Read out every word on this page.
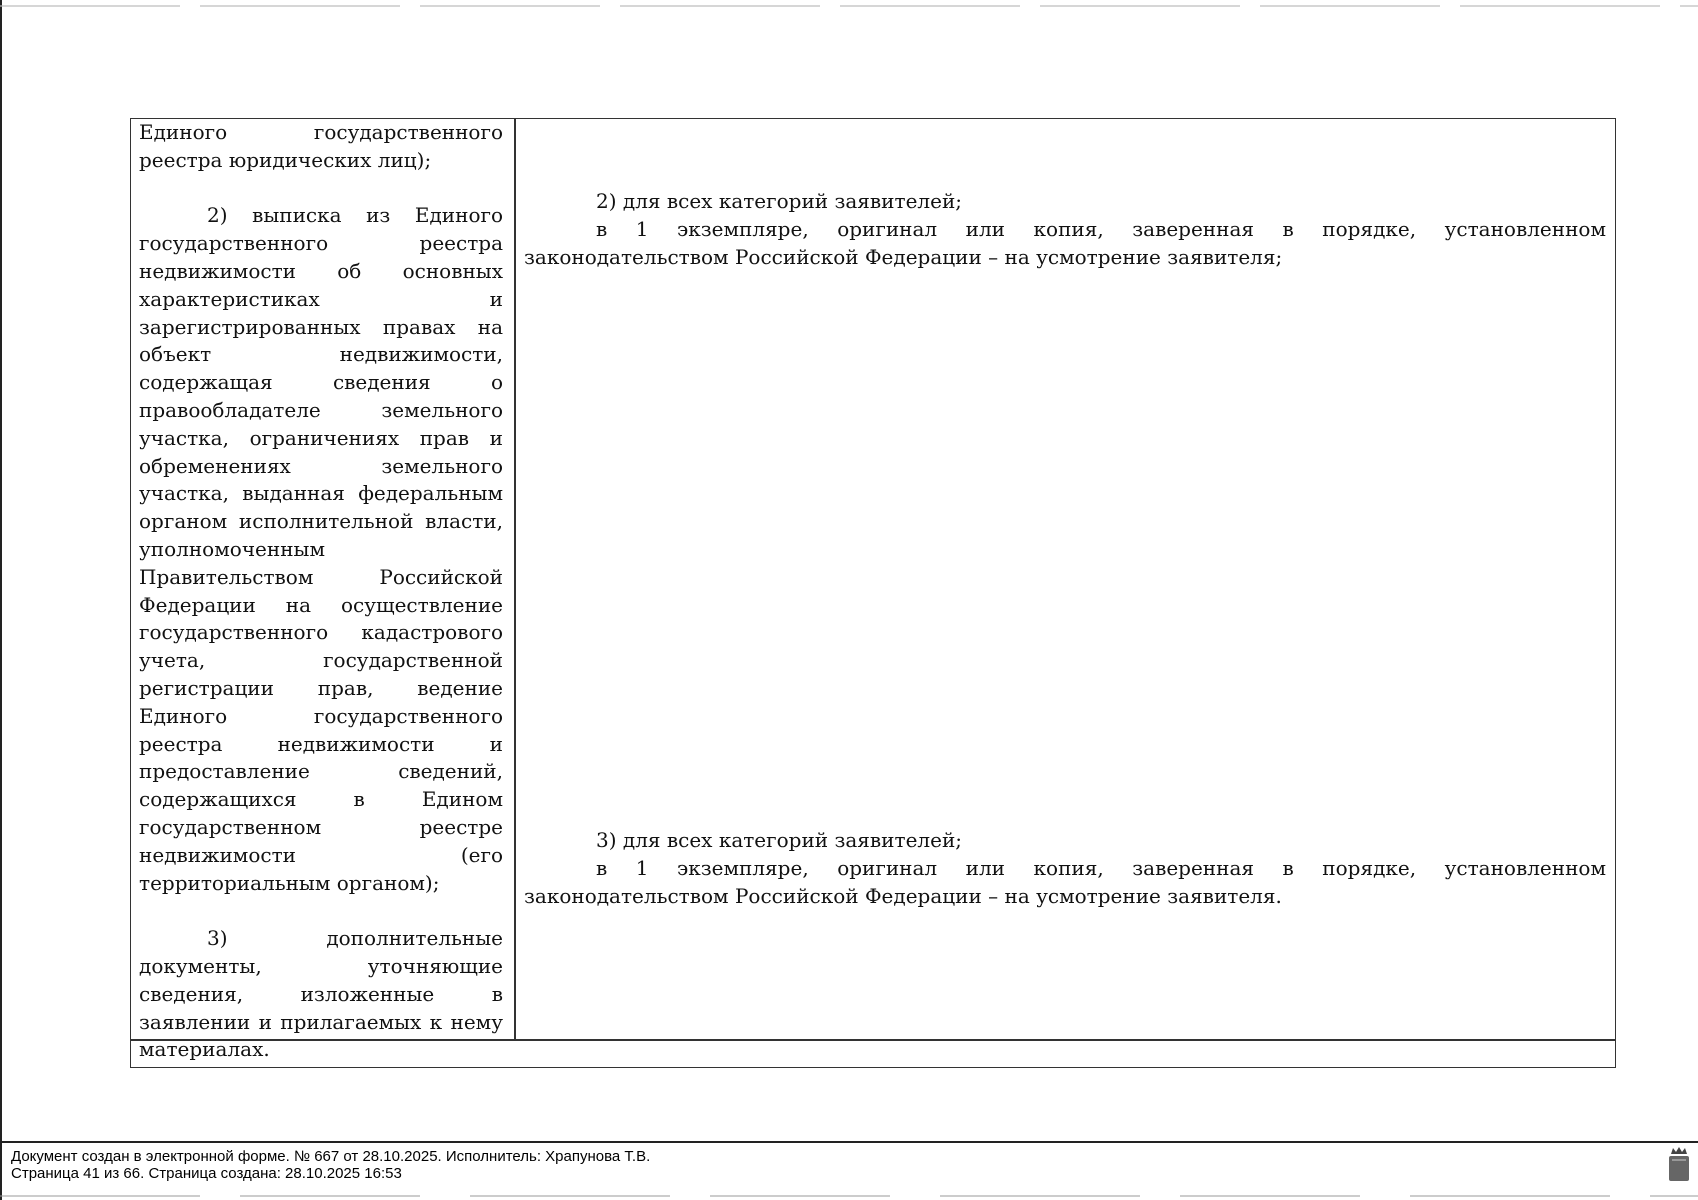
Единого государственного реестра юридических лиц);

2) выписка из Единого государственного реестра недвижимости об основных характеристиках и зарегистрированных правах на объект недвижимости, содержащая сведения о правообладателе земельного участка, ограничениях прав и обременениях земельного участка, выданная федеральным органом исполнительной власти, уполномоченным Правительством Российской Федерации на осуществление государственного кадастрового учета, государственной регистрации прав, ведение Единого государственного реестра недвижимости и предоставление сведений, содержащихся в Едином государственном реестре недвижимости (его территориальным органом);

3) дополнительные документы, уточняющие сведения, изложенные в заявлении и прилагаемых к нему материалах.

2) для всех категорий заявителей;

в 1 экземпляре, оригинал или копия, заверенная в порядке, установленном законодательством Российской Федерации – на усмотрение заявителя;

3) для всех категорий заявителей;

в 1 экземпляре, оригинал или копия, заверенная в порядке, установленном законодательством Российской Федерации – на усмотрение заявителя.

Документ создан в электронной форме. № 667 от 28.10.2025. Исполнитель: Храпунова Т.В.
Страница 41 из 66. Страница создана: 28.10.2025 16:53
